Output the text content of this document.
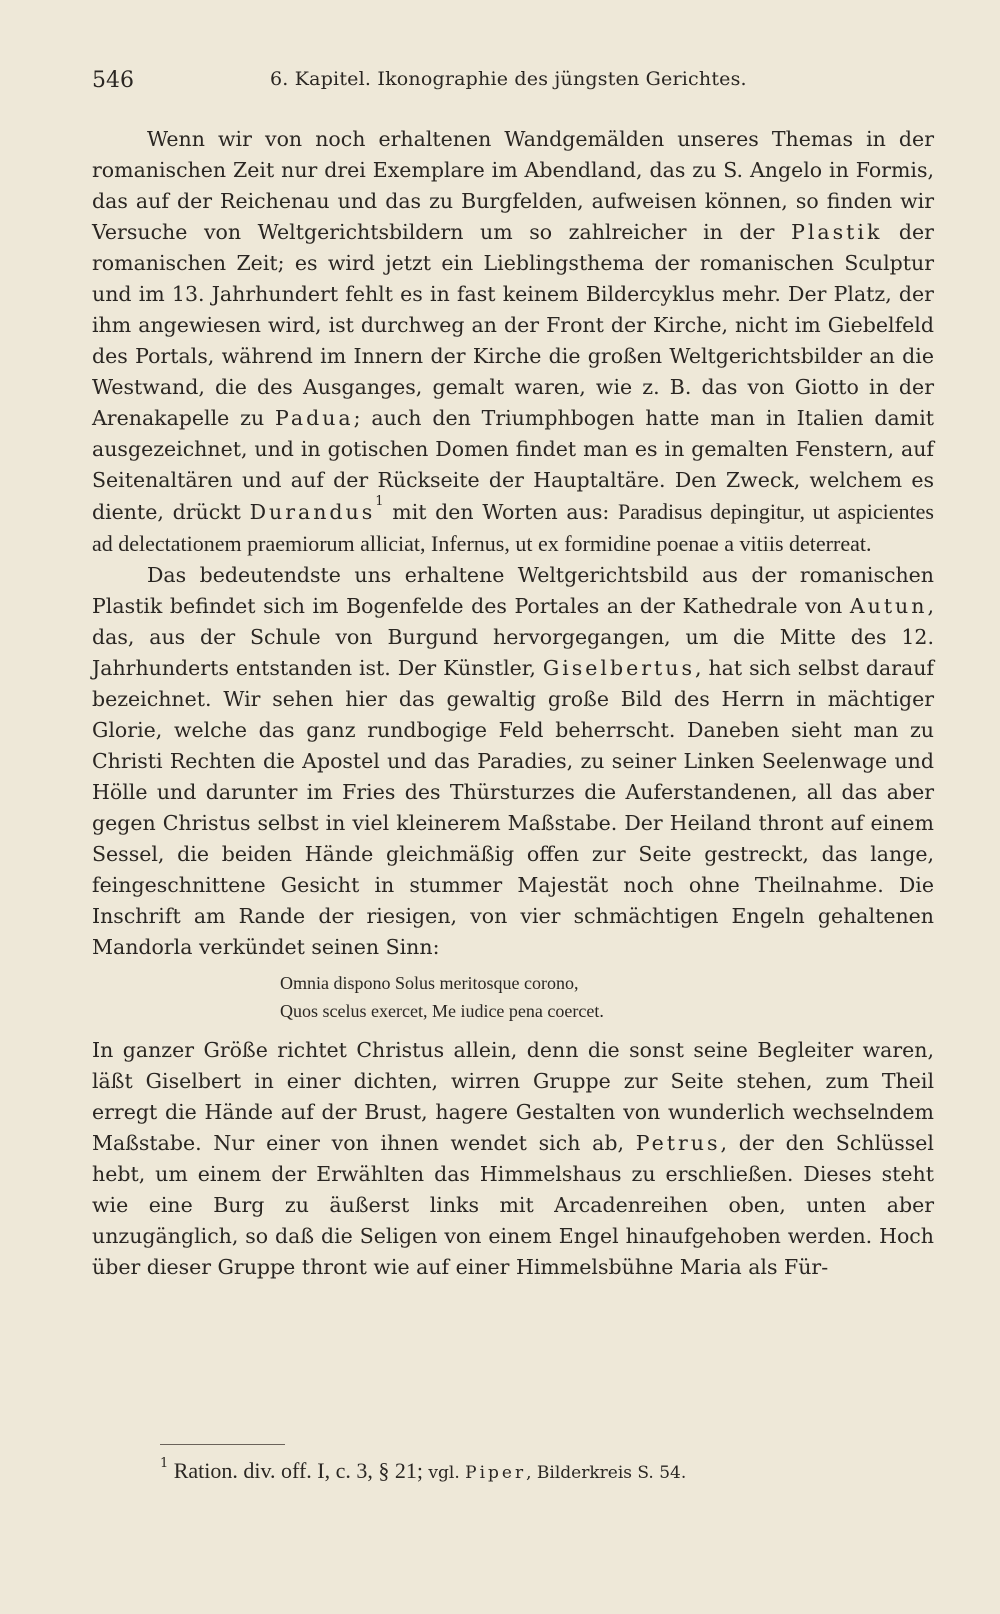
546	6. Kapitel. Ikonographie des jüngsten Gerichtes.

Wenn wir von noch erhaltenen Wandgemälden unseres Themas in der romanischen Zeit nur drei Exemplare im Abendland, das zu S. Angelo in Formis, das auf der Reichenau und das zu Burgfelden, aufweisen können, so finden wir Versuche von Weltgerichtsbildern um so zahlreicher in der Plastik der romanischen Zeit; es wird jetzt ein Lieblingsthema der romanischen Sculptur und im 13. Jahrhundert fehlt es in fast keinem Bildercyklus mehr. Der Platz, der ihm angewiesen wird, ist durchweg an der Front der Kirche, nicht im Giebelfeld des Portals, während im Innern der Kirche die großen Weltgerichtsbilder an die Westwand, die des Ausganges, gemalt waren, wie z. B. das von Giotto in der Arenakapelle zu Padua; auch den Triumphbogen hatte man in Italien damit ausgezeichnet, und in gotischen Domen findet man es in gemalten Fenstern, auf Seitenaltären und auf der Rückseite der Hauptaltäre. Den Zweck, welchem es diente, drückt Durandus$^1$ mit den Worten aus: Paradisus depingitur, ut aspicientes ad delectationem praemiorum alliciat, Infernus, ut ex formidine poenae a vitiis deterreat.

Das bedeutendste uns erhaltene Weltgerichtsbild aus der romanischen Plastik befindet sich im Bogenfelde des Portales an der Kathedrale von Autun, das, aus der Schule von Burgund hervorgegangen, um die Mitte des 12. Jahrhunderts entstanden ist. Der Künstler, Giselbertus, hat sich selbst darauf bezeichnet. Wir sehen hier das gewaltig große Bild des Herrn in mächtiger Glorie, welche das ganz rundbogige Feld beherrscht. Daneben sieht man zu Christi Rechten die Apostel und das Paradies, zu seiner Linken Seelenwage und Hölle und darunter im Fries des Thürsturzes die Auferstandenen, all das aber gegen Christus selbst in viel kleinerem Maßstabe. Der Heiland thront auf einem Sessel, die beiden Hände gleichmäßig offen zur Seite gestreckt, das lange, feingeschnittene Gesicht in stummer Majestät noch ohne Theilnahme. Die Inschrift am Rande der riesigen, von vier schmächtigen Engeln gehaltenen Mandorla verkündet seinen Sinn:

Omnia dispono Solus meritosque corono,
Quos scelus exercet, Me iudice pena coercet.

In ganzer Größe richtet Christus allein, denn die sonst seine Begleiter waren, läßt Giselbert in einer dichten, wirren Gruppe zur Seite stehen, zum Theil erregt die Hände auf der Brust, hagere Gestalten von wunderlich wechselndem Maßstabe. Nur einer von ihnen wendet sich ab, Petrus, der den Schlüssel hebt, um einem der Erwählten das Himmelshaus zu erschließen. Dieses steht wie eine Burg zu äußerst links mit Arcadenreihen oben, unten aber unzugänglich, so daß die Seligen von einem Engel hinaufgehoben werden. Hoch über dieser Gruppe thront wie auf einer Himmelsbühne Maria als Für-

$^1$ Ration. div. off. I, c. 3, § 21; vgl. Piper, Bilderkreis S. 54.
